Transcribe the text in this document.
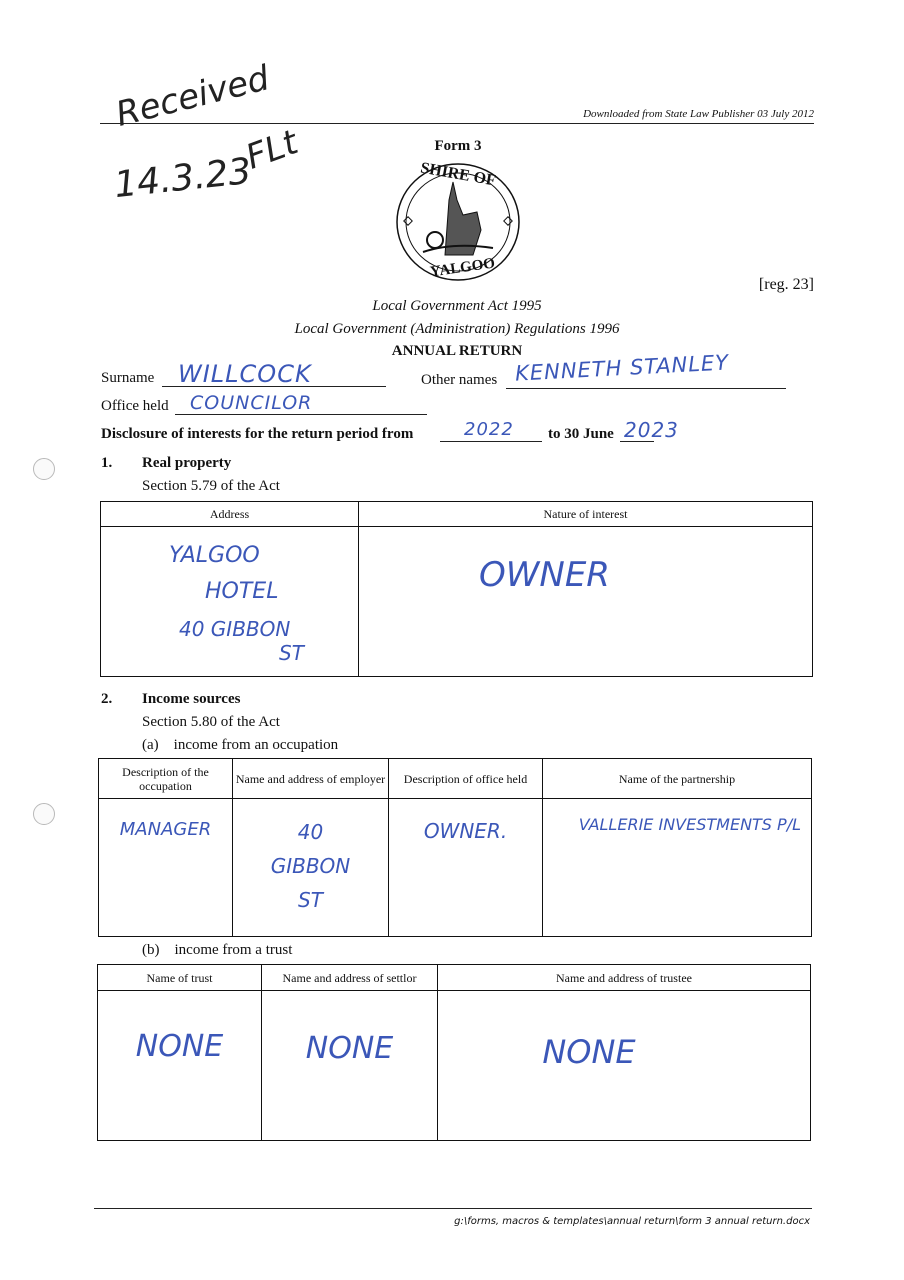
Downloaded from State Law Publisher 03 July 2012
Received
14.3.23
FLt	Form 3
SHIRE OF
YALGOO
[reg. 23]
Local Government Act 1995
Local Government (Administration) Regulations 1996
ANNUAL RETURN
Surname WILLCOCK	Other names KENNETH STANLEY
Office held COUNCILOR
Disclosure of interests for the return period from	2022 to 30 June 2023
1. Real property
Section 5.79 of the Act
Address	Nature of interest

YALGOO
HOTEL
40 GIBBON
ST	OWNER
2. Income sources
Section 5.80 of the Act
(a) income from an occupation
Description of the occupation	Name and address of employer	Description of office held	Name of the partnership

MANAGER	40 GIBBON ST	OWNER.	VALLERIE INVESTMENTS P/L
(b) income from a trust
Name of trust	Name and address of settlor	Name and address of trustee

NONE	NONE	NONE
g:\forms, macros & templates\annual return\form 3 annual return.docx
